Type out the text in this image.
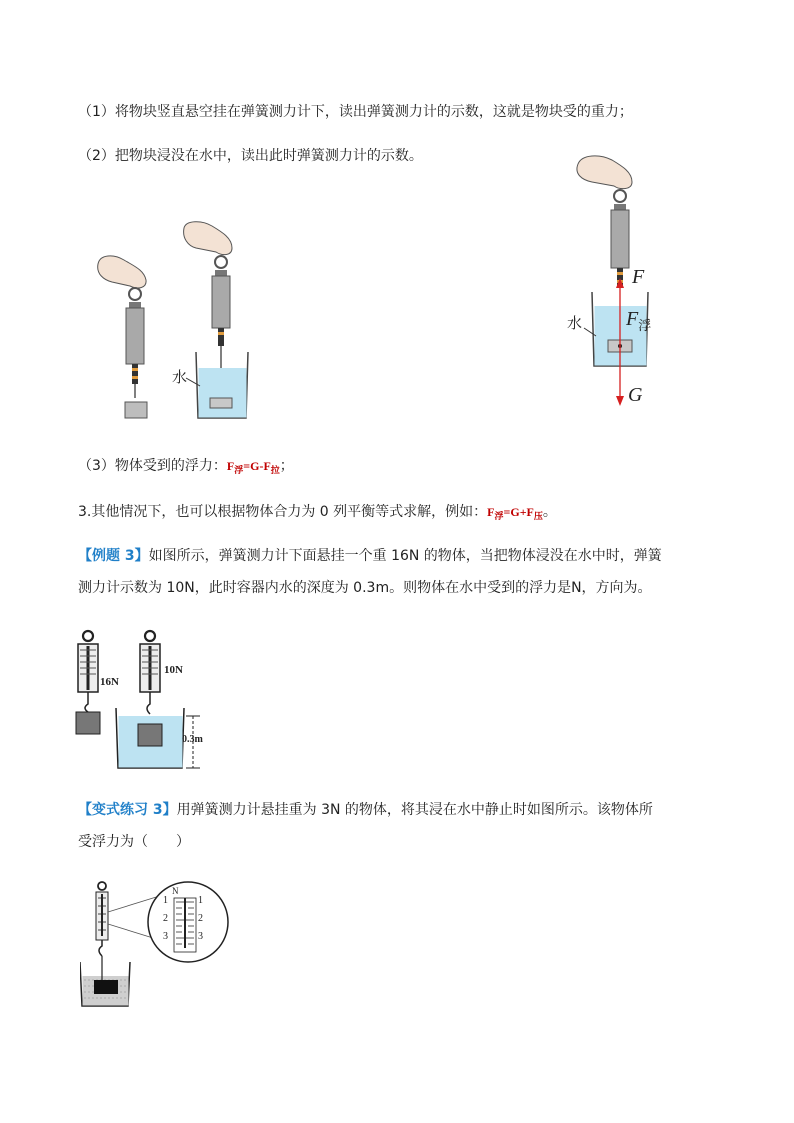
（1）将物块竖直悬空挂在弹簧测力计下，读出弹簧测力计的示数，这就是物块受的重力；
（2）把物块浸没在水中，读出此时弹簧测力计的示数。
（3）物体受到的浮力：$F_浮=G-F_拉$；
3.其他情况下，也可以根据物体合力为 0 列平衡等式求解，例如：$F_浮=G+F_压$。
【例题 3】如图所示，弹簧测力计下面悬挂一个重 16N 的物体，当把物体浸没在水中时，弹簧
测力计示数为 10N，此时容器内水的深度为 0.3m。则物体在水中受到的浮力是N，方向为。
【变式练习 3】用弹簧测力计悬挂重为 3N 的物体，将其浸在水中静止时如图所示。该物体所
受浮力为（　　）
水
F
$F_浮$
G
水
16N
10N
0.3m
N
1
2
3
1
2
3
